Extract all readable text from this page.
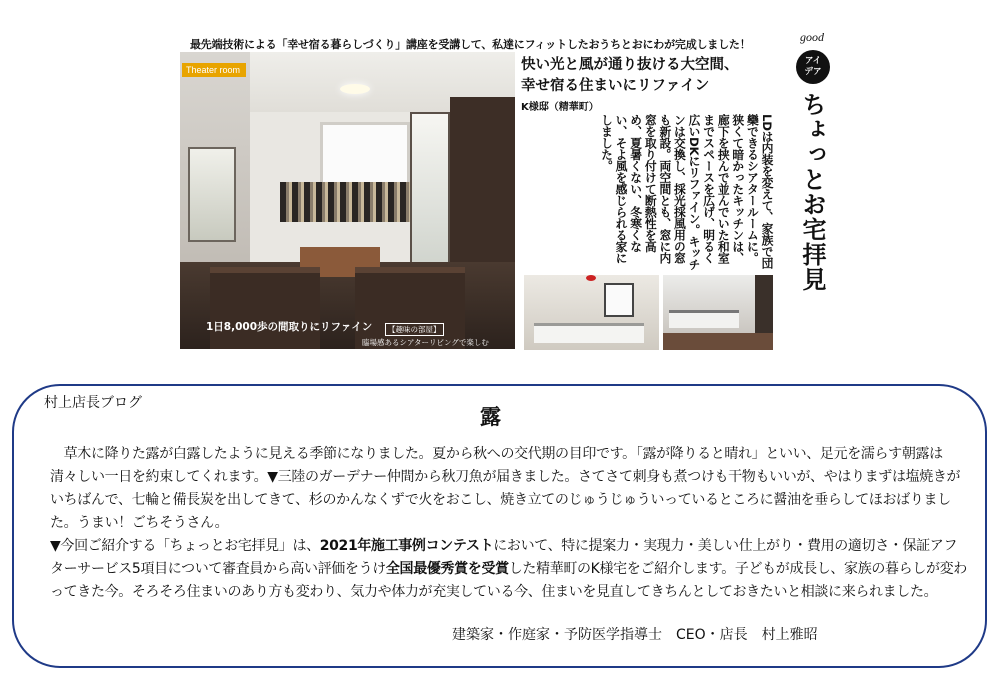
最先端技術による「幸せ宿る暮らしづくり」講座を受講して、私達にフィットしたおうちとおにわが完成しました！
Theater room
1日8,000歩の間取りにリファイン	【趣味の部屋】
臨場感あるシアターリビングで楽しむ
快い光と風が通り抜ける大空間、
幸せ宿る住まいにリファイン
K様邸（精華町）
LDは内装を変えて、家族で団欒できるシアタールームに。狭くて暗かったキッチンは、廊下を挟んで並んでいた和室までスペースを広げ、明るく広いDKにリファイン。キッチンは交換し、採光採風用の窓も新設。両空間とも、窓に内窓を取り付けて断熱性を高め、夏暑くない、冬寒くない、そよ風を感じられる家にしました。
good
アイ
デア
ちょっとお宅拝見
村上店長ブログ
露
　草木に降りた露が白露したように見える季節になりました。夏から秋への交代期の目印です。「露が降りると晴れ」といい、足元を濡らす朝露は清々しい一日を約束してくれます。▼三陸のガーデナー仲間から秋刀魚が届きました。さてさて刺身も煮つけも干物もいいが、やはりまずは塩焼きがいちばんで、七輪と備長炭を出してきて、杉のかんなくずで火をおこし、焼き立てのじゅうじゅういっているところに醤油を垂らしてほおばりました。うまい！ごちそうさん。
▼今回ご紹介する「ちょっとお宅拝見」は、2021年施工事例コンテストにおいて、特に提案力・実現力・美しい仕上がり・費用の適切さ・保証アフターサービス5項目について審査員から高い評価をうけ全国最優秀賞を受賞した精華町のK様宅をご紹介します。子どもが成長し、家族の暮らしが変わってきた今。そろそろ住まいのあり方も変わり、気力や体力が充実している今、住まいを見直してきちんとしておきたいと相談に来られました。
建築家・作庭家・予防医学指導士　CEO・店長　村上雅昭
